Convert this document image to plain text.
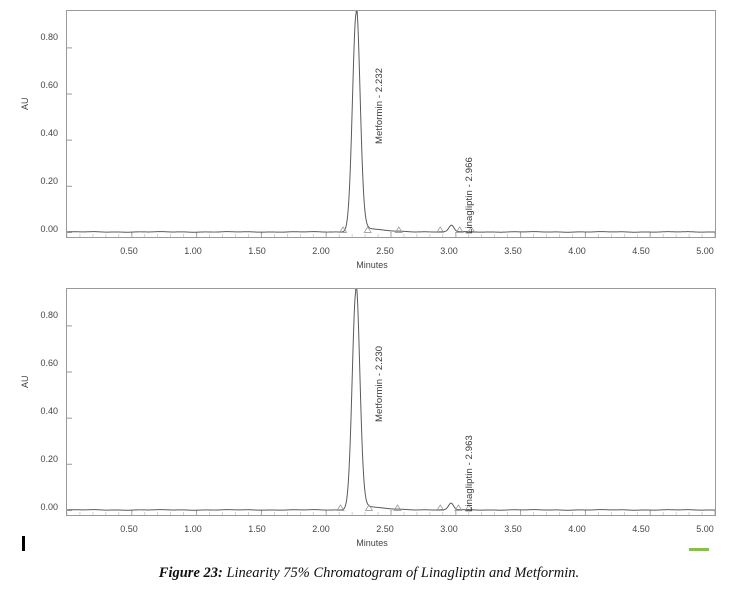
AU
0.80
0.60
0.40
0.20
0.00
Metformin - 2.232
Linagliptin - 2.966
0.50	1.00	1.50	2.00	2.50	3.00	3.50	4.00	4.50	5.00
Minutes
AU
0.80
0.60
0.40
0.20
0.00
Metformin - 2.230
Linagliptin - 2.963
0.50	1.00	1.50	2.00	2.50	3.00	3.50	4.00	4.50	5.00
Minutes
Figure 23: Linearity 75% Chromatogram of Linagliptin and Metformin.
